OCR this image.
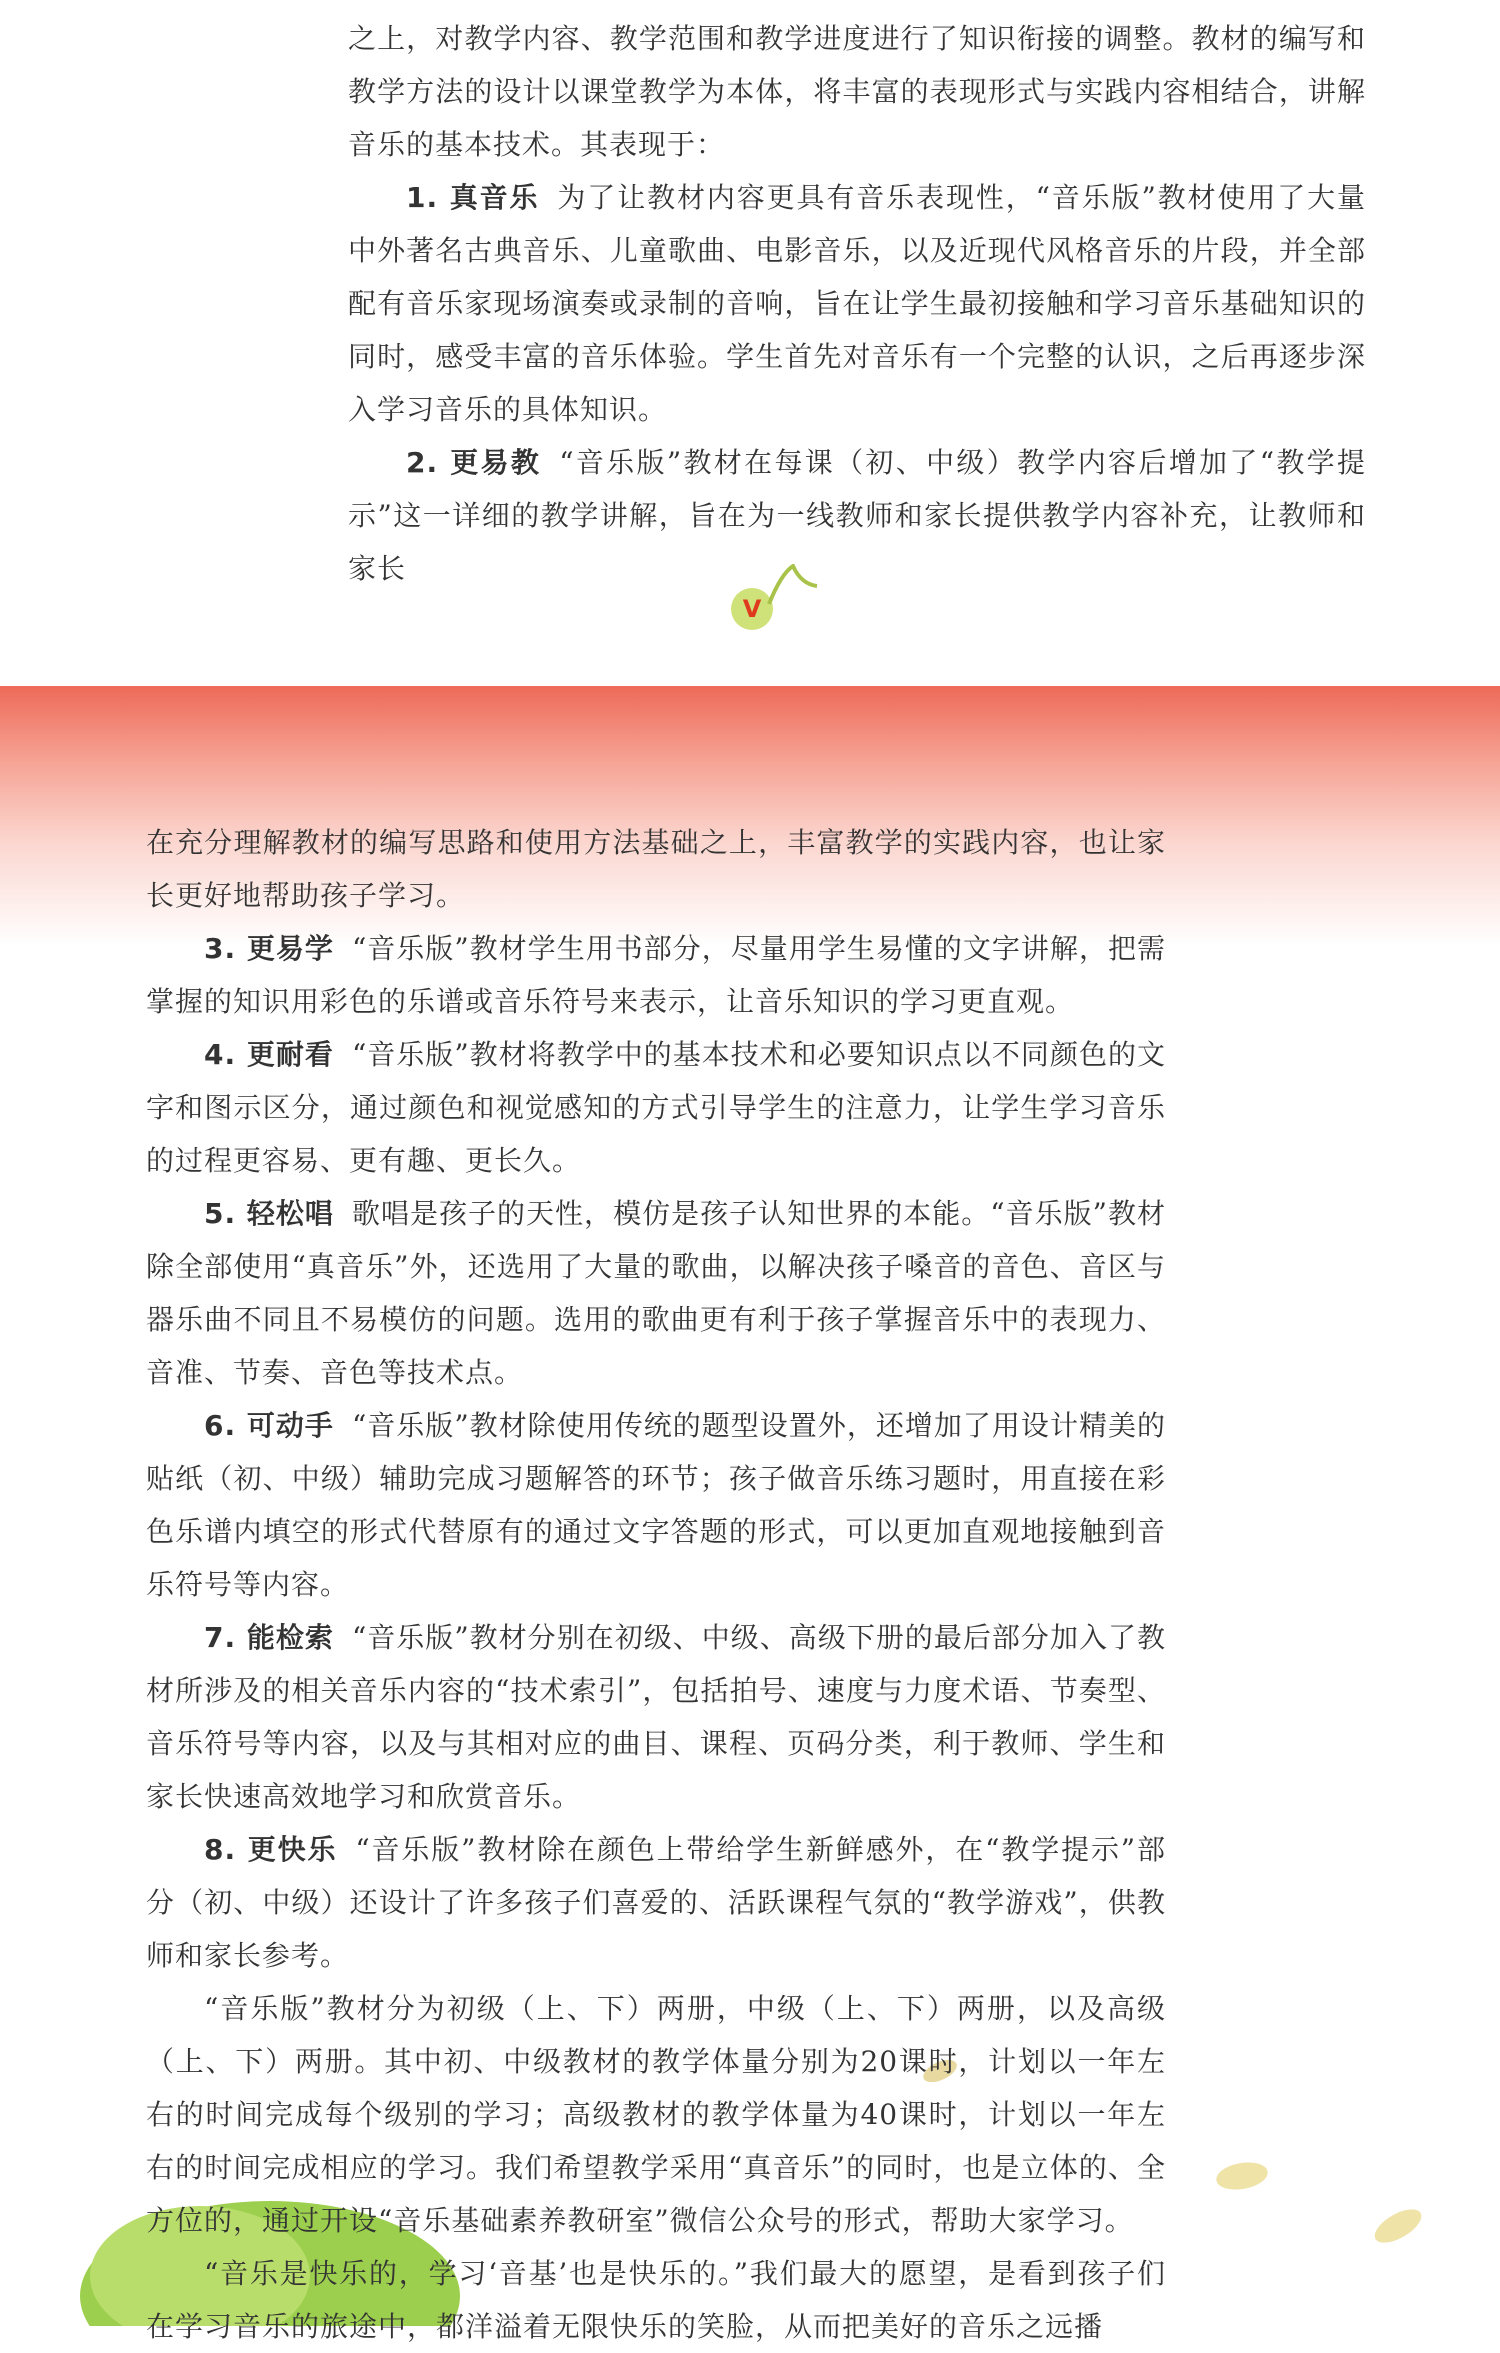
之上，对教学内容、教学范围和教学进度进行了知识衔接的调整。教材的编写和教学方法的设计以课堂教学为本体，将丰富的表现形式与实践内容相结合，讲解音乐的基本技术。其表现于：

1. 真音乐 为了让教材内容更具有音乐表现性，“音乐版”教材使用了大量中外著名古典音乐、儿童歌曲、电影音乐，以及近现代风格音乐的片段，并全部配有音乐家现场演奏或录制的音响，旨在让学生最初接触和学习音乐基础知识的同时，感受丰富的音乐体验。学生首先对音乐有一个完整的认识，之后再逐步深入学习音乐的具体知识。

2. 更易教 “音乐版”教材在每课（初、中级）教学内容后增加了“教学提示”这一详细的教学讲解，旨在为一线教师和家长提供教学内容补充，让教师和家长

V

在充分理解教材的编写思路和使用方法基础之上，丰富教学的实践内容，也让家长更好地帮助孩子学习。

3. 更易学 “音乐版”教材学生用书部分，尽量用学生易懂的文字讲解，把需掌握的知识用彩色的乐谱或音乐符号来表示，让音乐知识的学习更直观。

4. 更耐看 “音乐版”教材将教学中的基本技术和必要知识点以不同颜色的文字和图示区分，通过颜色和视觉感知的方式引导学生的注意力，让学生学习音乐的过程更容易、更有趣、更长久。

5. 轻松唱 歌唱是孩子的天性，模仿是孩子认知世界的本能。“音乐版”教材除全部使用“真音乐”外，还选用了大量的歌曲，以解决孩子嗓音的音色、音区与器乐曲不同且不易模仿的问题。选用的歌曲更有利于孩子掌握音乐中的表现力、音准、节奏、音色等技术点。

6. 可动手 “音乐版”教材除使用传统的题型设置外，还增加了用设计精美的贴纸（初、中级）辅助完成习题解答的环节；孩子做音乐练习题时，用直接在彩色乐谱内填空的形式代替原有的通过文字答题的形式，可以更加直观地接触到音乐符号等内容。

7. 能检索 “音乐版”教材分别在初级、中级、高级下册的最后部分加入了教材所涉及的相关音乐内容的“技术索引”，包括拍号、速度与力度术语、节奏型、音乐符号等内容，以及与其相对应的曲目、课程、页码分类，利于教师、学生和家长快速高效地学习和欣赏音乐。

8. 更快乐 “音乐版”教材除在颜色上带给学生新鲜感外，在“教学提示”部分（初、中级）还设计了许多孩子们喜爱的、活跃课程气氛的“教学游戏”，供教师和家长参考。

“音乐版”教材分为初级（上、下）两册，中级（上、下）两册，以及高级（上、下）两册。其中初、中级教材的教学体量分别为20课时，计划以一年左右的时间完成每个级别的学习；高级教材的教学体量为40课时，计划以一年左右的时间完成相应的学习。我们希望教学采用“真音乐”的同时，也是立体的、全方位的，通过开设“音乐基础素养教研室”微信公众号的形式，帮助大家学习。

“音乐是快乐的，学习‘音基’也是快乐的。”我们最大的愿望，是看到孩子们在学习音乐的旅途中，都洋溢着无限快乐的笑脸，从而把美好的音乐之远播
